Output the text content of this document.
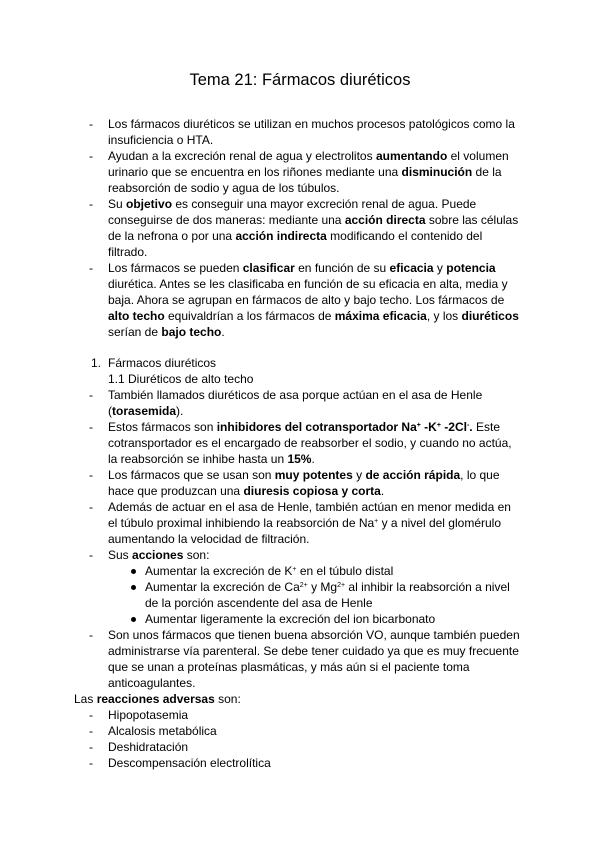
Tema 21: Fármacos diuréticos
- Los fármacos diuréticos se utilizan en muchos procesos patológicos como la
insuficiencia o HTA.
- Ayudan a la excreción renal de agua y electrolitos aumentando el volumen
urinario que se encuentra en los riñones mediante una disminución de la
reabsorción de sodio y agua de los túbulos.
- Su objetivo es conseguir una mayor excreción renal de agua. Puede
conseguirse de dos maneras: mediante una acción directa sobre las células
de la nefrona o por una acción indirecta modificando el contenido del
filtrado.
- Los fármacos se pueden clasificar en función de su eficacia y potencia
diurética. Antes se les clasificaba en función de su eficacia en alta, media y
baja. Ahora se agrupan en fármacos de alto y bajo techo. Los fármacos de
alto techo equivaldrían a los fármacos de máxima eficacia, y los diuréticos
serían de bajo techo.
1. Fármacos diuréticos
1.1 Diuréticos de alto techo
- También llamados diuréticos de asa porque actúan en el asa de Henle
(torasemida).
- Estos fármacos son inhibidores del cotransportador Na+ -K+ -2Cl-. Este
cotransportador es el encargado de reabsorber el sodio, y cuando no actúa,
la reabsorción se inhibe hasta un 15%.
- Los fármacos que se usan son muy potentes y de acción rápida, lo que
hace que produzcan una diuresis copiosa y corta.
- Además de actuar en el asa de Henle, también actúan en menor medida en
el túbulo proximal inhibiendo la reabsorción de Na+ y a nivel del glomérulo
aumentando la velocidad de filtración.
- Sus acciones son:
Aumentar la excreción de K+ en el túbulo distal
Aumentar la excreción de $Ca^{2+}$ y $Mg^{2+}$ al inhibir la reabsorción a nivel
de la porción ascendente del asa de Henle
Aumentar ligeramente la excreción del ion bicarbonato
- Son unos fármacos que tienen buena absorción VO, aunque también pueden
administrarse vía parenteral. Se debe tener cuidado ya que es muy frecuente
que se unan a proteínas plasmáticas, y más aún si el paciente toma
anticoagulantes.
Las reacciones adversas son:
- Hipopotasemia
- Alcalosis metabólica
- Deshidratación
- Descompensación electrolítica
